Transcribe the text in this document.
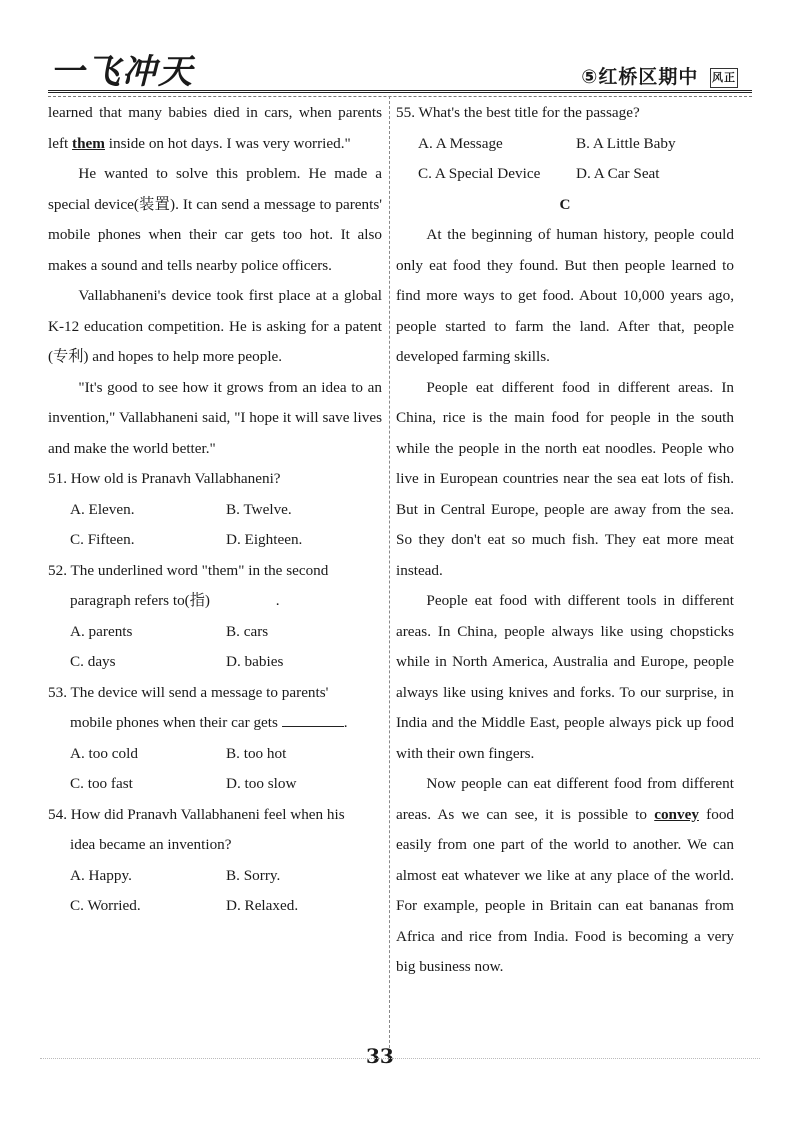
一飞冲天	⑤红桥区期中 风正

learned that many babies died in cars, when parents left them inside on hot days. I was very worried."

He wanted to solve this problem. He made a special device(装置). It can send a message to parents' mobile phones when their car gets too hot. It also makes a sound and tells nearby police officers.

Vallabhaneni's device took first place at a global K-12 education competition. He is asking for a patent (专利) and hopes to help more people.

"It's good to see how it grows from an idea to an invention," Vallabhaneni said, "I hope it will save lives and make the world better."

51. How old is Pranavh Vallabhaneni?

A. Eleven.	B. Twelve.
C. Fifteen.	D. Eighteen.

52. The underlined word "them" in the second

paragraph refers to(指)	.

A. parents	B. cars
C. days	D. babies

53. The device will send a message to parents'

mobile phones when their car gets	.

A. too cold	B. too hot
C. too fast	D. too slow

54. How did Pranavh Vallabhaneni feel when his

idea became an invention?

A. Happy.	B. Sorry.
C. Worried.	D. Relaxed.

55. What's the best title for the passage?

A. A Message	B. A Little Baby
C. A Special Device	D. A Car Seat

C

At the beginning of human history, people could only eat food they found. But then people learned to find more ways to get food. About 10,000 years ago, people started to farm the land. After that, people developed farming skills.

People eat different food in different areas. In China, rice is the main food for people in the south while the people in the north eat noodles. People who live in European countries near the sea eat lots of fish. But in Central Europe, people are away from the sea. So they don't eat so much fish. They eat more meat instead.

People eat food with different tools in different areas. In China, people always like using chopsticks while in North America, Australia and Europe, people always like using knives and forks. To our surprise, in India and the Middle East, people always pick up food with their own fingers.

Now people can eat different food from different areas. As we can see, it is possible to convey food easily from one part of the world to another. We can almost eat whatever we like at any place of the world. For example, people in Britain can eat bananas from Africa and rice from India. Food is becoming a very big business now.

33
